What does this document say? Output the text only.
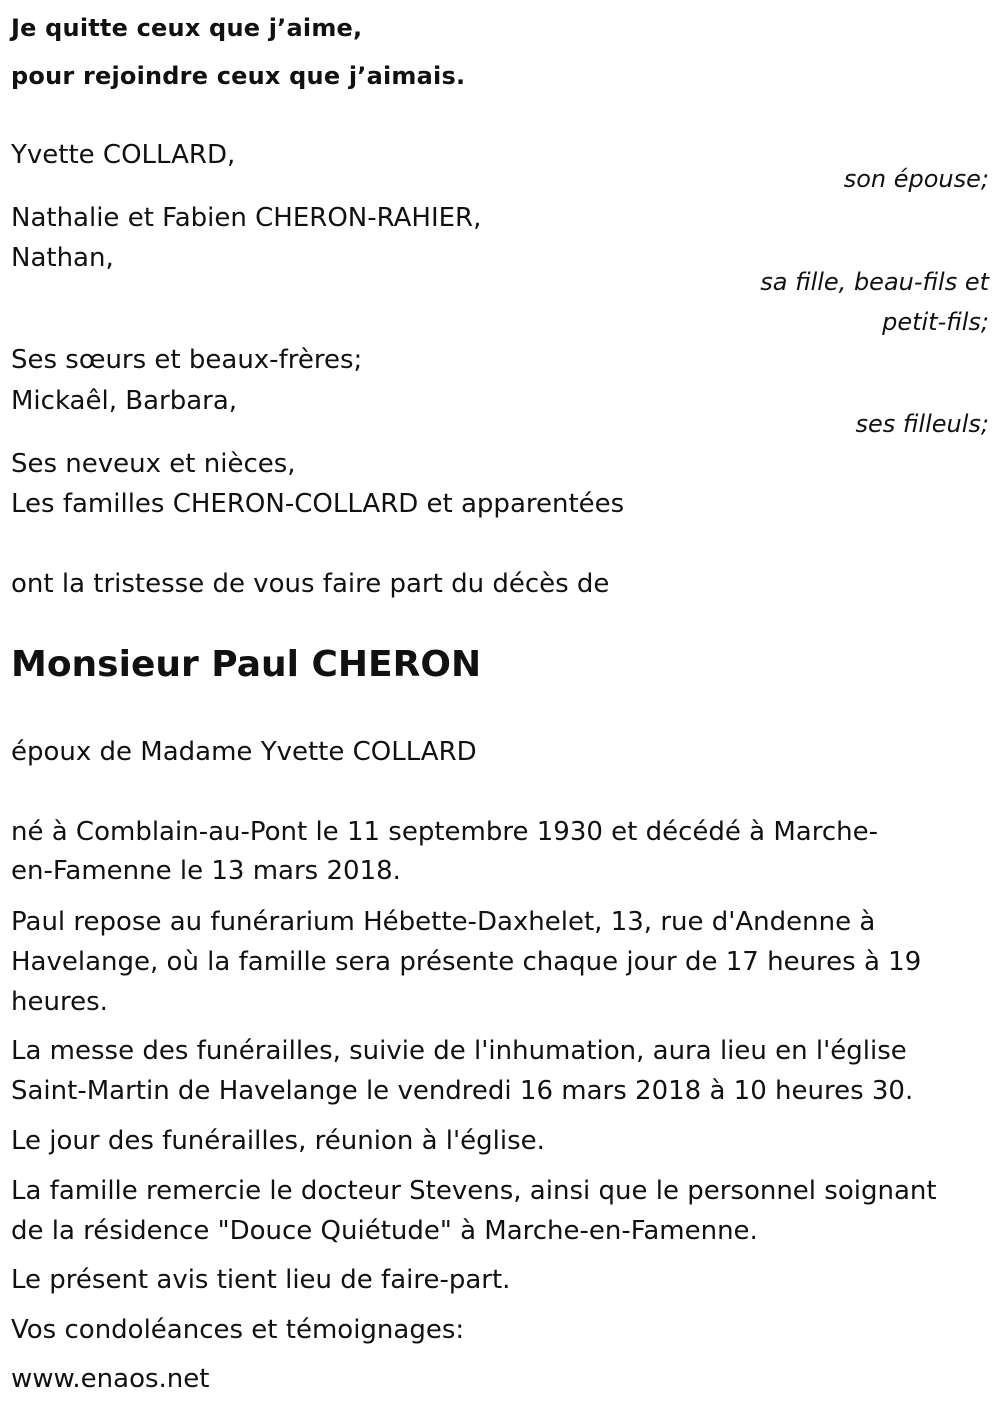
Je quitte ceux que j’aime,
pour rejoindre ceux que j’aimais.
Yvette COLLARD,
son épouse;
Nathalie et Fabien CHERON-RAHIER,
Nathan,
sa fille, beau-fils et
petit-fils;
Ses sœurs et beaux-frères;
Mickaêl, Barbara,
ses filleuls;
Ses neveux et nièces,
Les familles CHERON-COLLARD et apparentées
ont la tristesse de vous faire part du décès de
Monsieur Paul CHERON
époux de Madame Yvette COLLARD
né à Comblain-au-Pont le 11 septembre 1930 et décédé à Marche-
en-Famenne le 13 mars 2018.
Paul repose au funérarium Hébette-Daxhelet, 13, rue d'Andenne à
Havelange, où la famille sera présente chaque jour de 17 heures à 19
heures.
La messe des funérailles, suivie de l'inhumation, aura lieu en l'église
Saint-Martin de Havelange le vendredi 16 mars 2018 à 10 heures 30.
Le jour des funérailles, réunion à l'église.
La famille remercie le docteur Stevens, ainsi que le personnel soignant
de la résidence "Douce Quiétude" à Marche-en-Famenne.
Le présent avis tient lieu de faire-part.
Vos condoléances et témoignages:
www.enaos.net
